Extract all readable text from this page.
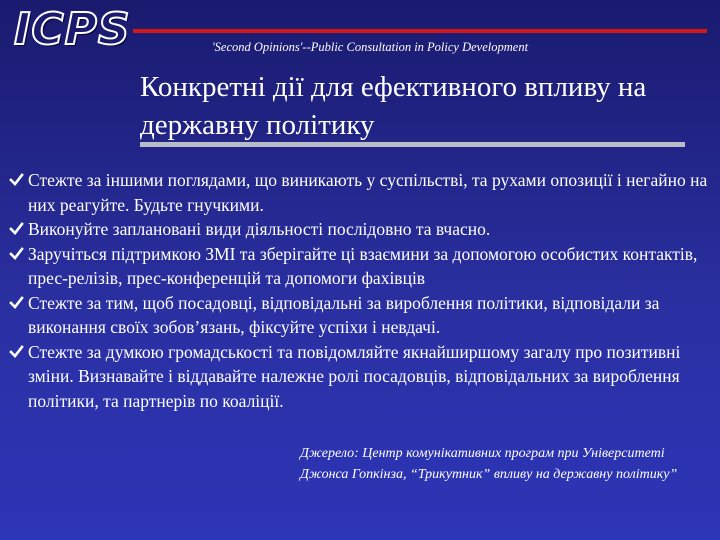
ICPS	'Second Opinions'--Public Consultation in Policy Development
Конкретні дії для ефективного впливу на державну політику
Стежте за іншими поглядами, що виникають у суспільстві, та рухами опозиції і негайно на них реагуйте. Будьте гнучкими.
Виконуйте заплановані види діяльності послідовно та вчасно.
Заручіться підтримкою ЗМІ та зберігайте ці взаємини за допомогою особистих контактів, прес-релізів, прес-конференцій та допомоги фахівців
Стежте за тим, щоб посадовці, відповідальні за вироблення політики, відповідали за виконання своїх зобов’язань, фіксуйте успіхи і невдачі.
Стежте за думкою громадськості та повідомляйте якнайширшому загалу про позитивні зміни. Визнавайте і віддавайте належне ролі посадовців, відповідальних за вироблення політики, та партнерів по коаліції.
Джерело: Центр комунікативних програм при Університеті Джонса Гопкінза, “Трикутник” впливу на державну політику”
